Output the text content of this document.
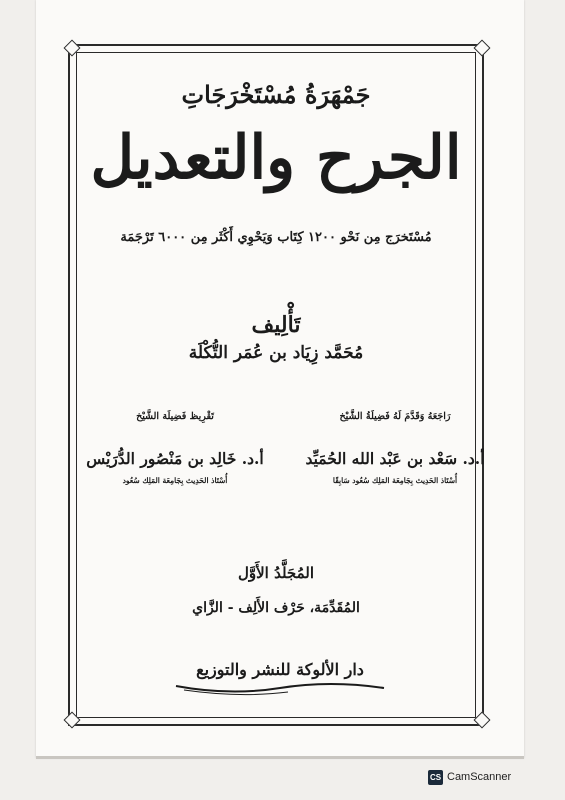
جَمْهَرَةُ مُسْتَخْرَجَاتِ
الجرح والتعديل
مُسْتَخرَج مِن نَحْو ١٢٠٠ كِتَاب وَيَحْوِي أَكْثَر مِن ٦٠٠٠ تَرْجَمَة
تَأْلِيف
مُحَمَّد زِيَاد بن عُمَر التُّكْلَة
رَاجَعَهُ وَقَدَّمَ لَهُ فَضِيلَةُ الشَّيْخ
أ.د. سَعْد بن عَبْد الله الحُمَيِّد
أُسْتَاذ الحَدِيث بِجَامِعَة المَلِك سُعُود سَابِقًا
تَقْرِيظ فَضِيلَة الشَّيْخ
أ.د. خَالِد بن مَنْصُور الدُّرَيْس
أُسْتَاذ الحَدِيث بِجَامِعَة المَلِك سُعُود
المُجَلَّدُ الأَوَّل
المُقَدِّمَة، حَرْف الأَلِف - الزَّاي
دار الألوكة للنشر والتوزيع
CS CamScanner
